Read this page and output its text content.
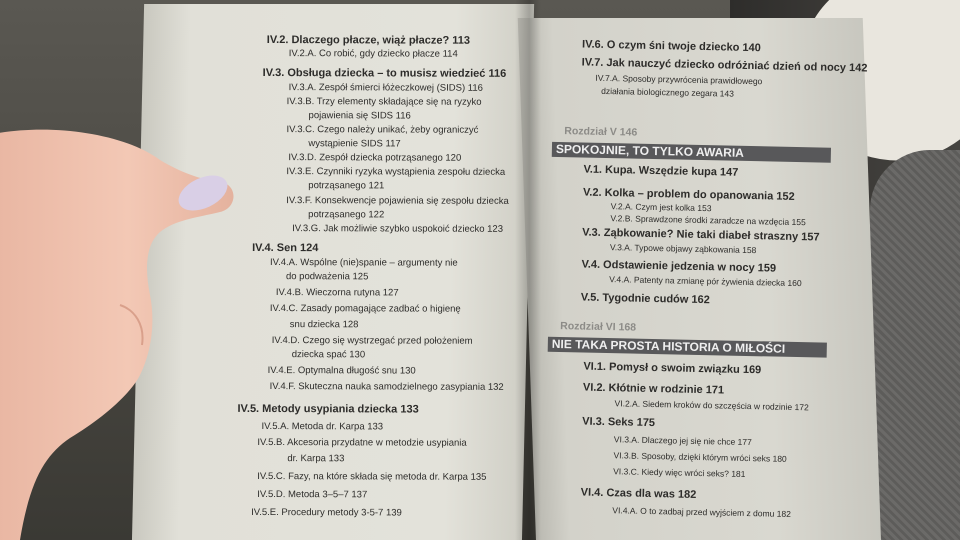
IV.2. Dlaczego płacze, wiąż płacze? 113
IV.2.A. Co robić, gdy dziecko płacze 114
IV.3. Obsługa dziecka – to musisz wiedzieć 116
IV.3.A. Zespół śmierci łóżeczkowej (SIDS) 116
IV.3.B. Trzy elementy składające się na ryzyko
pojawienia się SIDS 116
IV.3.C. Czego należy unikać, żeby ograniczyć
wystąpienie SIDS 117
IV.3.D. Zespół dziecka potrząsanego 120
IV.3.E. Czynniki ryzyka wystąpienia zespołu dziecka
potrząsanego 121
IV.3.F. Konsekwencje pojawienia się zespołu dziecka
potrząsanego 122
IV.3.G. Jak możliwie szybko uspokoić dziecko 123
IV.4. Sen 124
IV.4.A. Wspólne (nie)spanie – argumenty nie
do podważenia 125
IV.4.B. Wieczorna rutyna 127
IV.4.C. Zasady pomagające zadbać o higienę
snu dziecka 128
IV.4.D. Czego się wystrzegać przed położeniem
dziecka spać 130
IV.4.E. Optymalna długość snu 130
IV.4.F. Skuteczna nauka samodzielnego zasypiania 132
IV.5. Metody usypiania dziecka 133
IV.5.A. Metoda dr. Karpa 133
IV.5.B. Akcesoria przydatne w metodzie usypiania
dr. Karpa 133
IV.5.C. Fazy, na które składa się metoda dr. Karpa 135
IV.5.D. Metoda 3–5–7 137
IV.5.E. Procedury metody 3-5-7 139
Rozdział V 146
SPOKOJNIE, TO TYLKO AWARIA
Rozdział VI 168
NIE TAKA PROSTA HISTORIA O MIŁOŚCI
IV.6. O czym śni twoje dziecko 140
IV.7. Jak nauczyć dziecko odróżniać dzień od nocy 142
IV.7.A. Sposoby przywrócenia prawidłowego
działania biologicznego zegara 143
V.1. Kupa. Wszędzie kupa 147
V.2. Kolka – problem do opanowania 152
V.2.A. Czym jest kolka 153
V.2.B. Sprawdzone środki zaradcze na wzdęcia 155
V.3. Ząbkowanie? Nie taki diabeł straszny 157
V.3.A. Typowe objawy ząbkowania 158
V.4. Odstawienie jedzenia w nocy 159
V.4.A. Patenty na zmianę pór żywienia dziecka 160
V.5. Tygodnie cudów 162
VI.1. Pomysł o swoim związku 169
VI.2. Kłótnie w rodzinie 171
VI.2.A. Siedem kroków do szczęścia w rodzinie 172
VI.3. Seks 175
VI.3.A. Dlaczego jej się nie chce 177
VI.3.B. Sposoby, dzięki którym wróci seks 180
VI.3.C. Kiedy więc wróci seks? 181
VI.4. Czas dla was 182
VI.4.A. O to zadbaj przed wyjściem z domu 182
